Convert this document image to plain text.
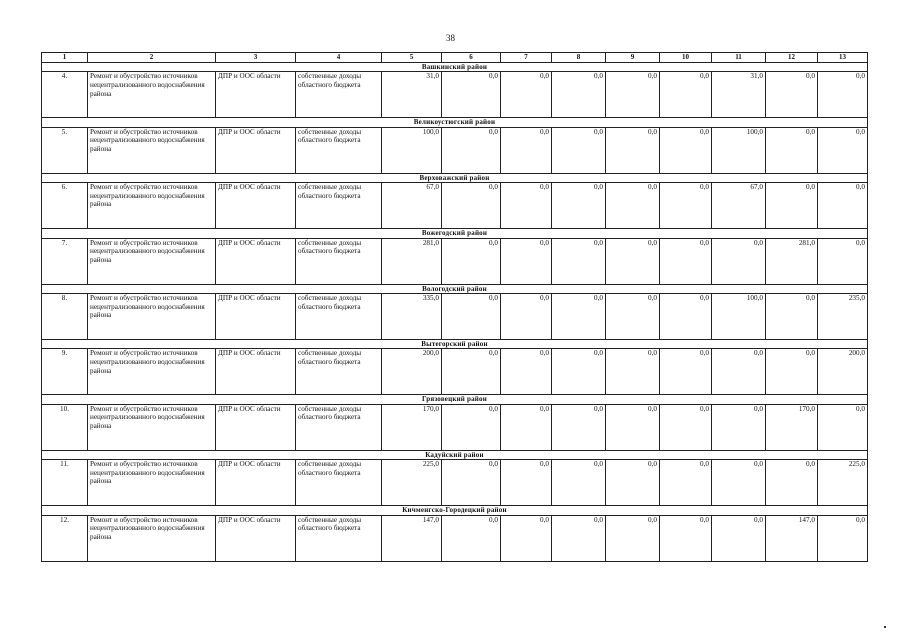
38
1	2	3	4	5	6	7	8	9	10	11	12	13
Вашкинский район												
4.	Ремонт и обустройство источников нецентрализованного водоснабжения района	ДПР и ООС области	собственные доходы областного бюджета	31,0	0,0	0,0	0,0	0,0	0,0	31,0	0,0	0,0
Великоустюгский район												
5.	Ремонт и обустройство источников нецентрализованного водоснабжения района	ДПР и ООС области	собственные доходы областного бюджета	100,0	0,0	0,0	0,0	0,0	0,0	100,0	0,0	0,0
Верховажский район												
6.	Ремонт и обустройство источников нецентрализованного водоснабжения района	ДПР и ООС области	собственные доходы областного бюджета	67,0	0,0	0,0	0,0	0,0	0,0	67,0	0,0	0,0
Вожегодский район												
7.	Ремонт и обустройство источников нецентрализованного водоснабжения района	ДПР и ООС области	собственные доходы областного бюджета	281,0	0,0	0,0	0,0	0,0	0,0	0,0	281,0	0,0
Вологодский район												
8.	Ремонт и обустройство источников нецентрализованного водоснабжения района	ДПР и ООС области	собственные доходы областного бюджета	335,0	0,0	0,0	0,0	0,0	0,0	100,0	0,0	235,0
Вытегорский район												
9.	Ремонт и обустройство источников нецентрализованного водоснабжения района	ДПР и ООС области	собственные доходы областного бюджета	200,0	0,0	0,0	0,0	0,0	0,0	0,0	0,0	200,0
Грязовецкий район												
10.	Ремонт и обустройство источников нецентрализованного водоснабжения района	ДПР и ООС области	собственные доходы областного бюджета	170,0	0,0	0,0	0,0	0,0	0,0	0,0	170,0	0,0
Кадуйский район												
11.	Ремонт и обустройство источников нецентрализованного водоснабжения района	ДПР и ООС области	собственные доходы областного бюджета	225,0	0,0	0,0	0,0	0,0	0,0	0,0	0,0	225,0
Кичменгско-Городецкий район												
12.	Ремонт и обустройство источников нецентрализованного водоснабжения района	ДПР и ООС области	собственные доходы областного бюджета	147,0	0,0	0,0	0,0	0,0	0,0	0,0	147,0	0,0
